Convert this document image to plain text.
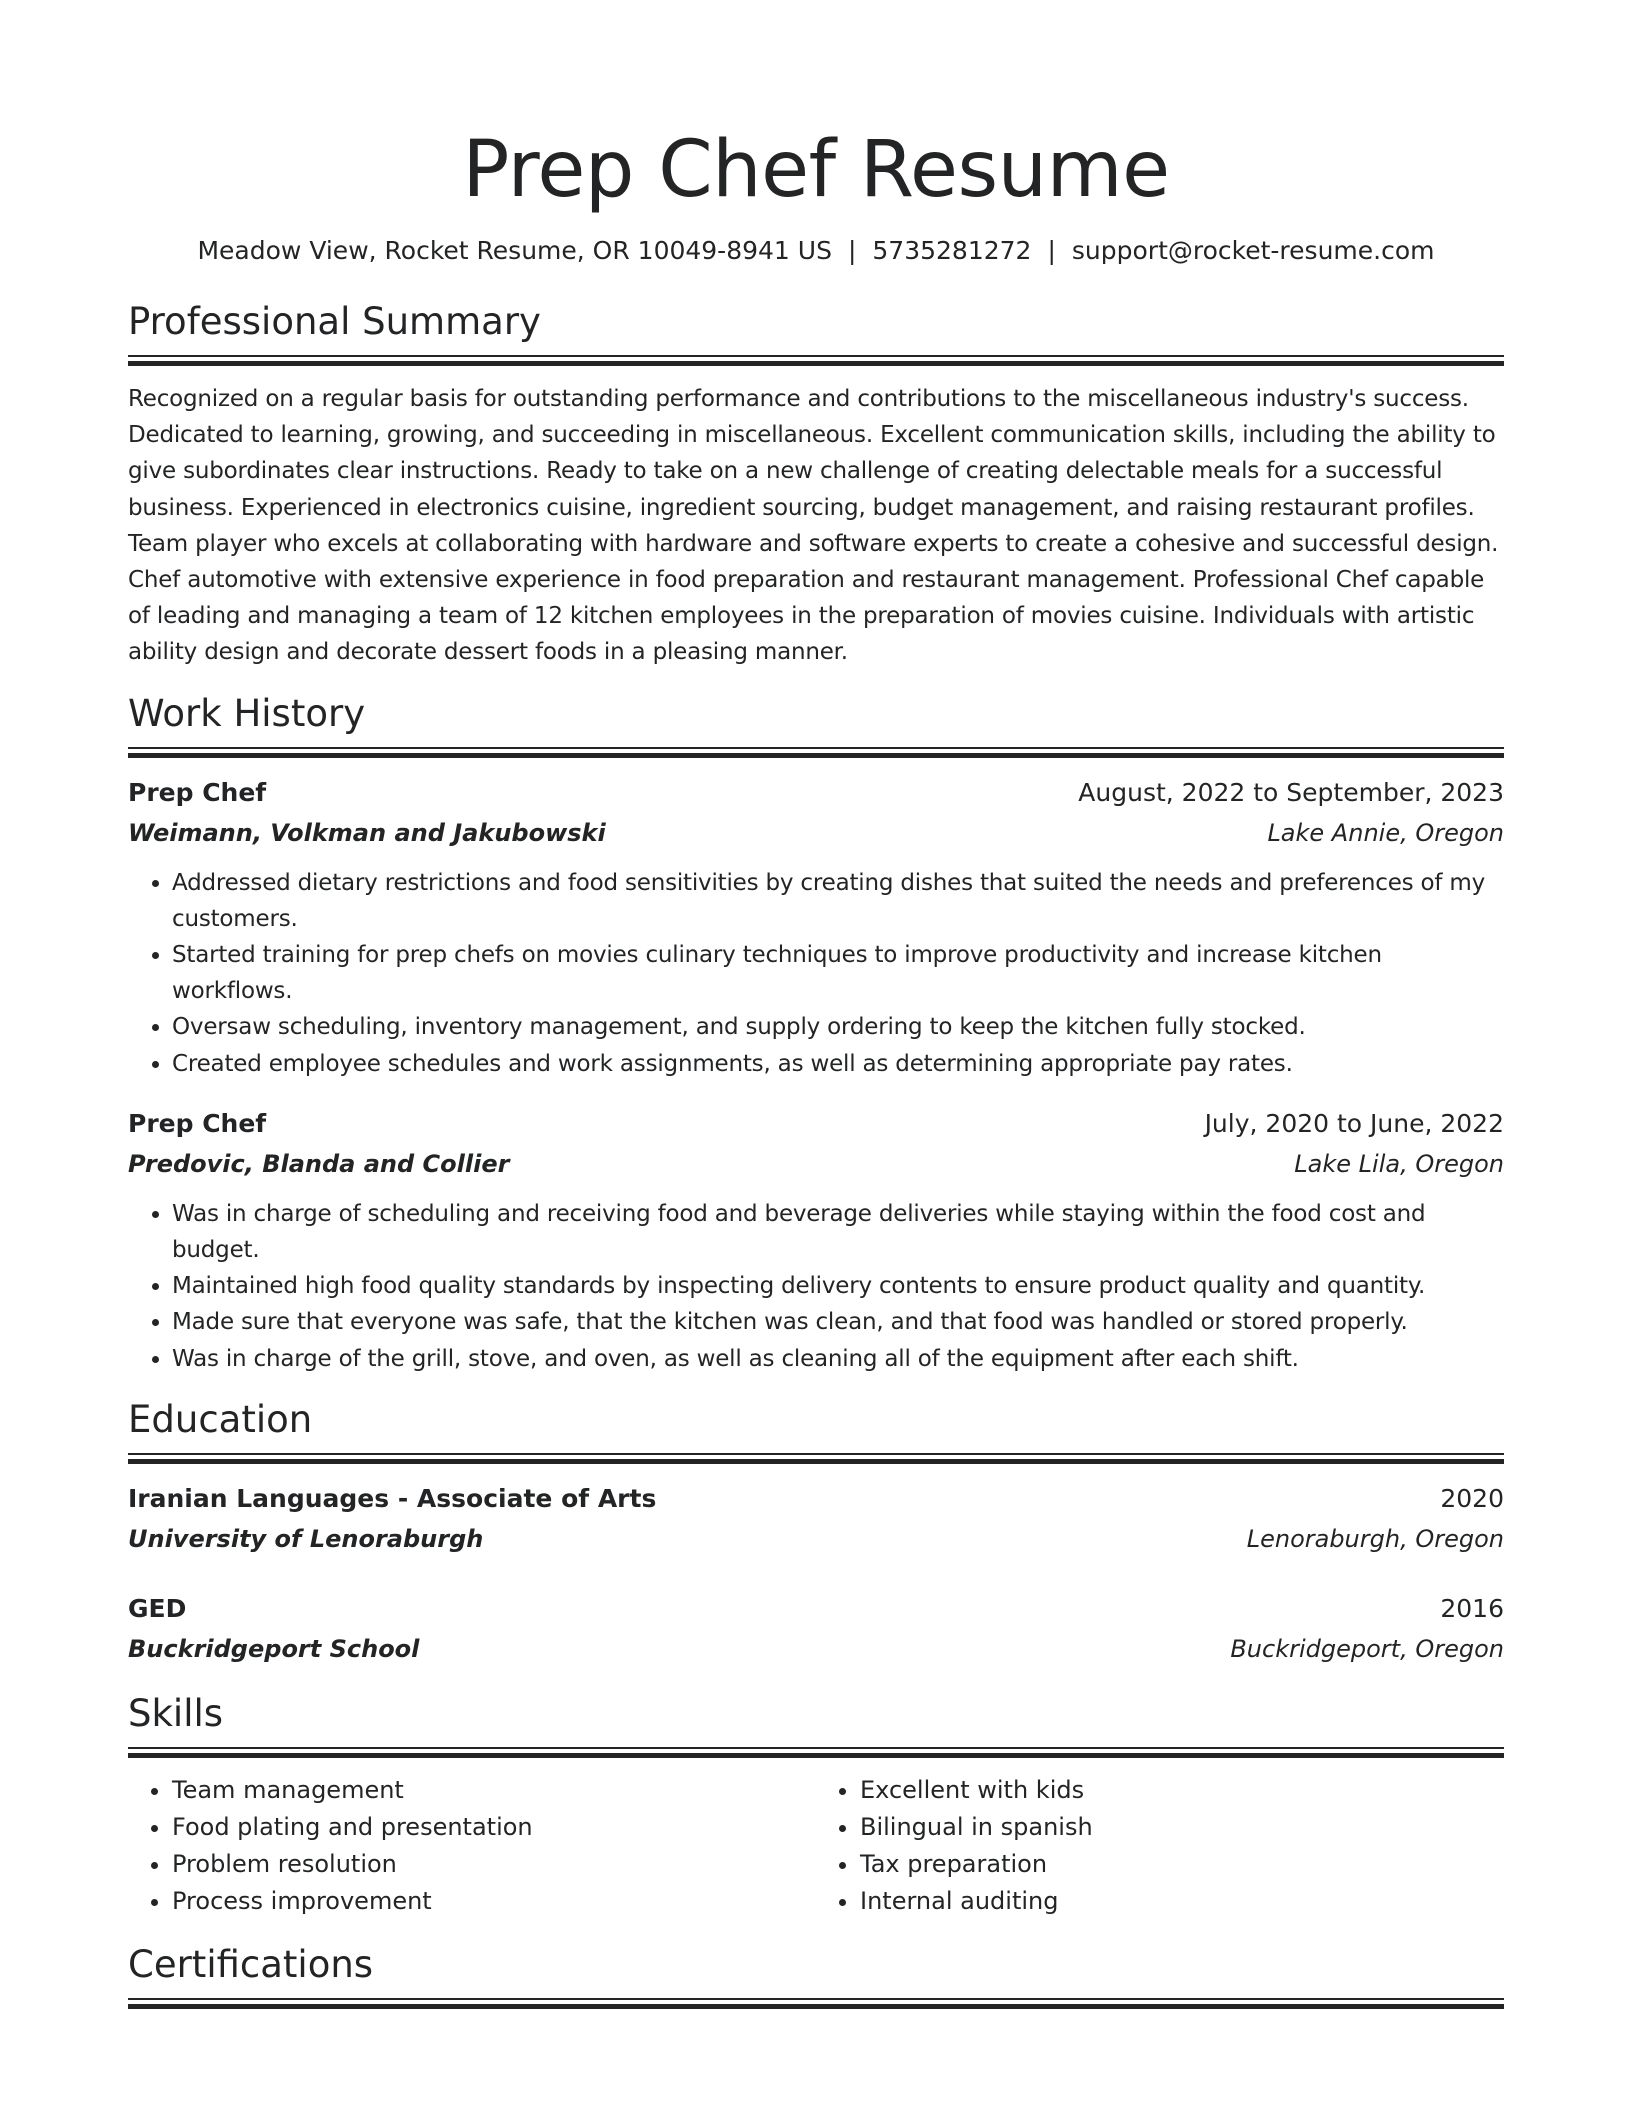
Prep Chef Resume
Meadow View, Rocket Resume, OR 10049-8941 US | 5735281272 | support@rocket-resume.com
Professional Summary
Recognized on a regular basis for outstanding performance and contributions to the miscellaneous industry's success. Dedicated to learning, growing, and succeeding in miscellaneous. Excellent communication skills, including the ability to give subordinates clear instructions. Ready to take on a new challenge of creating delectable meals for a successful business. Experienced in electronics cuisine, ingredient sourcing, budget management, and raising restaurant profiles. Team player who excels at collaborating with hardware and software experts to create a cohesive and successful design. Chef automotive with extensive experience in food preparation and restaurant management. Professional Chef capable of leading and managing a team of 12 kitchen employees in the preparation of movies cuisine. Individuals with artistic ability design and decorate dessert foods in a pleasing manner.
Work History
Prep Chef	August, 2022 to September, 2023
Weimann, Volkman and Jakubowski	Lake Annie, Oregon
• Addressed dietary restrictions and food sensitivities by creating dishes that suited the needs and preferences of my customers.
• Started training for prep chefs on movies culinary techniques to improve productivity and increase kitchen workflows.
• Oversaw scheduling, inventory management, and supply ordering to keep the kitchen fully stocked.
• Created employee schedules and work assignments, as well as determining appropriate pay rates.
Prep Chef	July, 2020 to June, 2022
Predovic, Blanda and Collier	Lake Lila, Oregon
• Was in charge of scheduling and receiving food and beverage deliveries while staying within the food cost and budget.
• Maintained high food quality standards by inspecting delivery contents to ensure product quality and quantity.
• Made sure that everyone was safe, that the kitchen was clean, and that food was handled or stored properly.
• Was in charge of the grill, stove, and oven, as well as cleaning all of the equipment after each shift.
Education
Iranian Languages - Associate of Arts	2020
University of Lenoraburgh	Lenoraburgh, Oregon
GED	2016
Buckridgeport School	Buckridgeport, Oregon
Skills
• Team management
• Food plating and presentation
• Problem resolution
• Process improvement
• Excellent with kids
• Bilingual in spanish
• Tax preparation
• Internal auditing
Certifications
